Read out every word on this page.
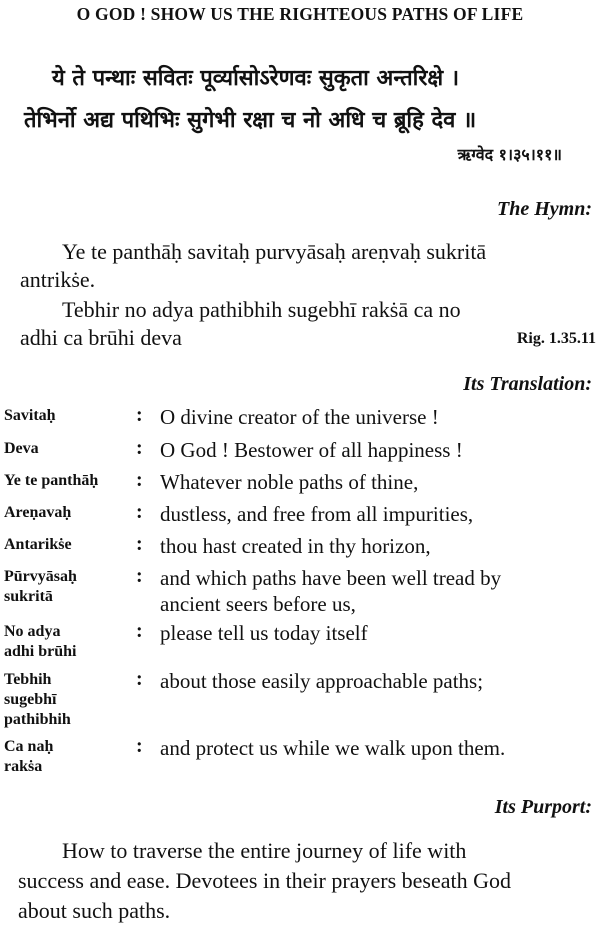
O GOD ! SHOW US THE RIGHTEOUS PATHS OF LIFE
ये ते पन्थाः सवितः पूर्व्यासोऽरेणवः सुकृता अन्तरिक्षे ।
तेभिर्नो अद्य पथिभिः सुगेभी रक्षा च नो अधि च ब्रूहि देव ॥
ऋग्वेद १।३५।११॥
The Hymn:
Ye te panthāḥ savitaḥ purvyāsaḥ areṇvaḥ sukritā
antrikṡe.
Tebhir no adya pathibhih sugebhī rakṡā ca no
adhi ca brūhi deva	Rig. 1.35.11
Its Translation:
Savitaḥ	: O divine creator of the universe !
Deva	: O God ! Bestower of all happiness !
Ye te panthāḥ : Whatever noble paths of thine,
Areṇavaḥ	: dustless, and free from all impurities,
Antarikṡe	: thou hast created in thy horizon,
Pūrvyāsaḥ
sukritā
: and which paths have been well tread by
ancient seers before us,
No adya
adhi brūhi
: please tell us today itself
Tebhih
sugebhī
pathibhih
: about those easily approachable paths;
Ca naḥ
rakṡa
: and protect us while we walk upon them.
Its Purport:
How to traverse the entire journey of life with
success and ease. Devotees in their prayers beseath God
about such paths.
